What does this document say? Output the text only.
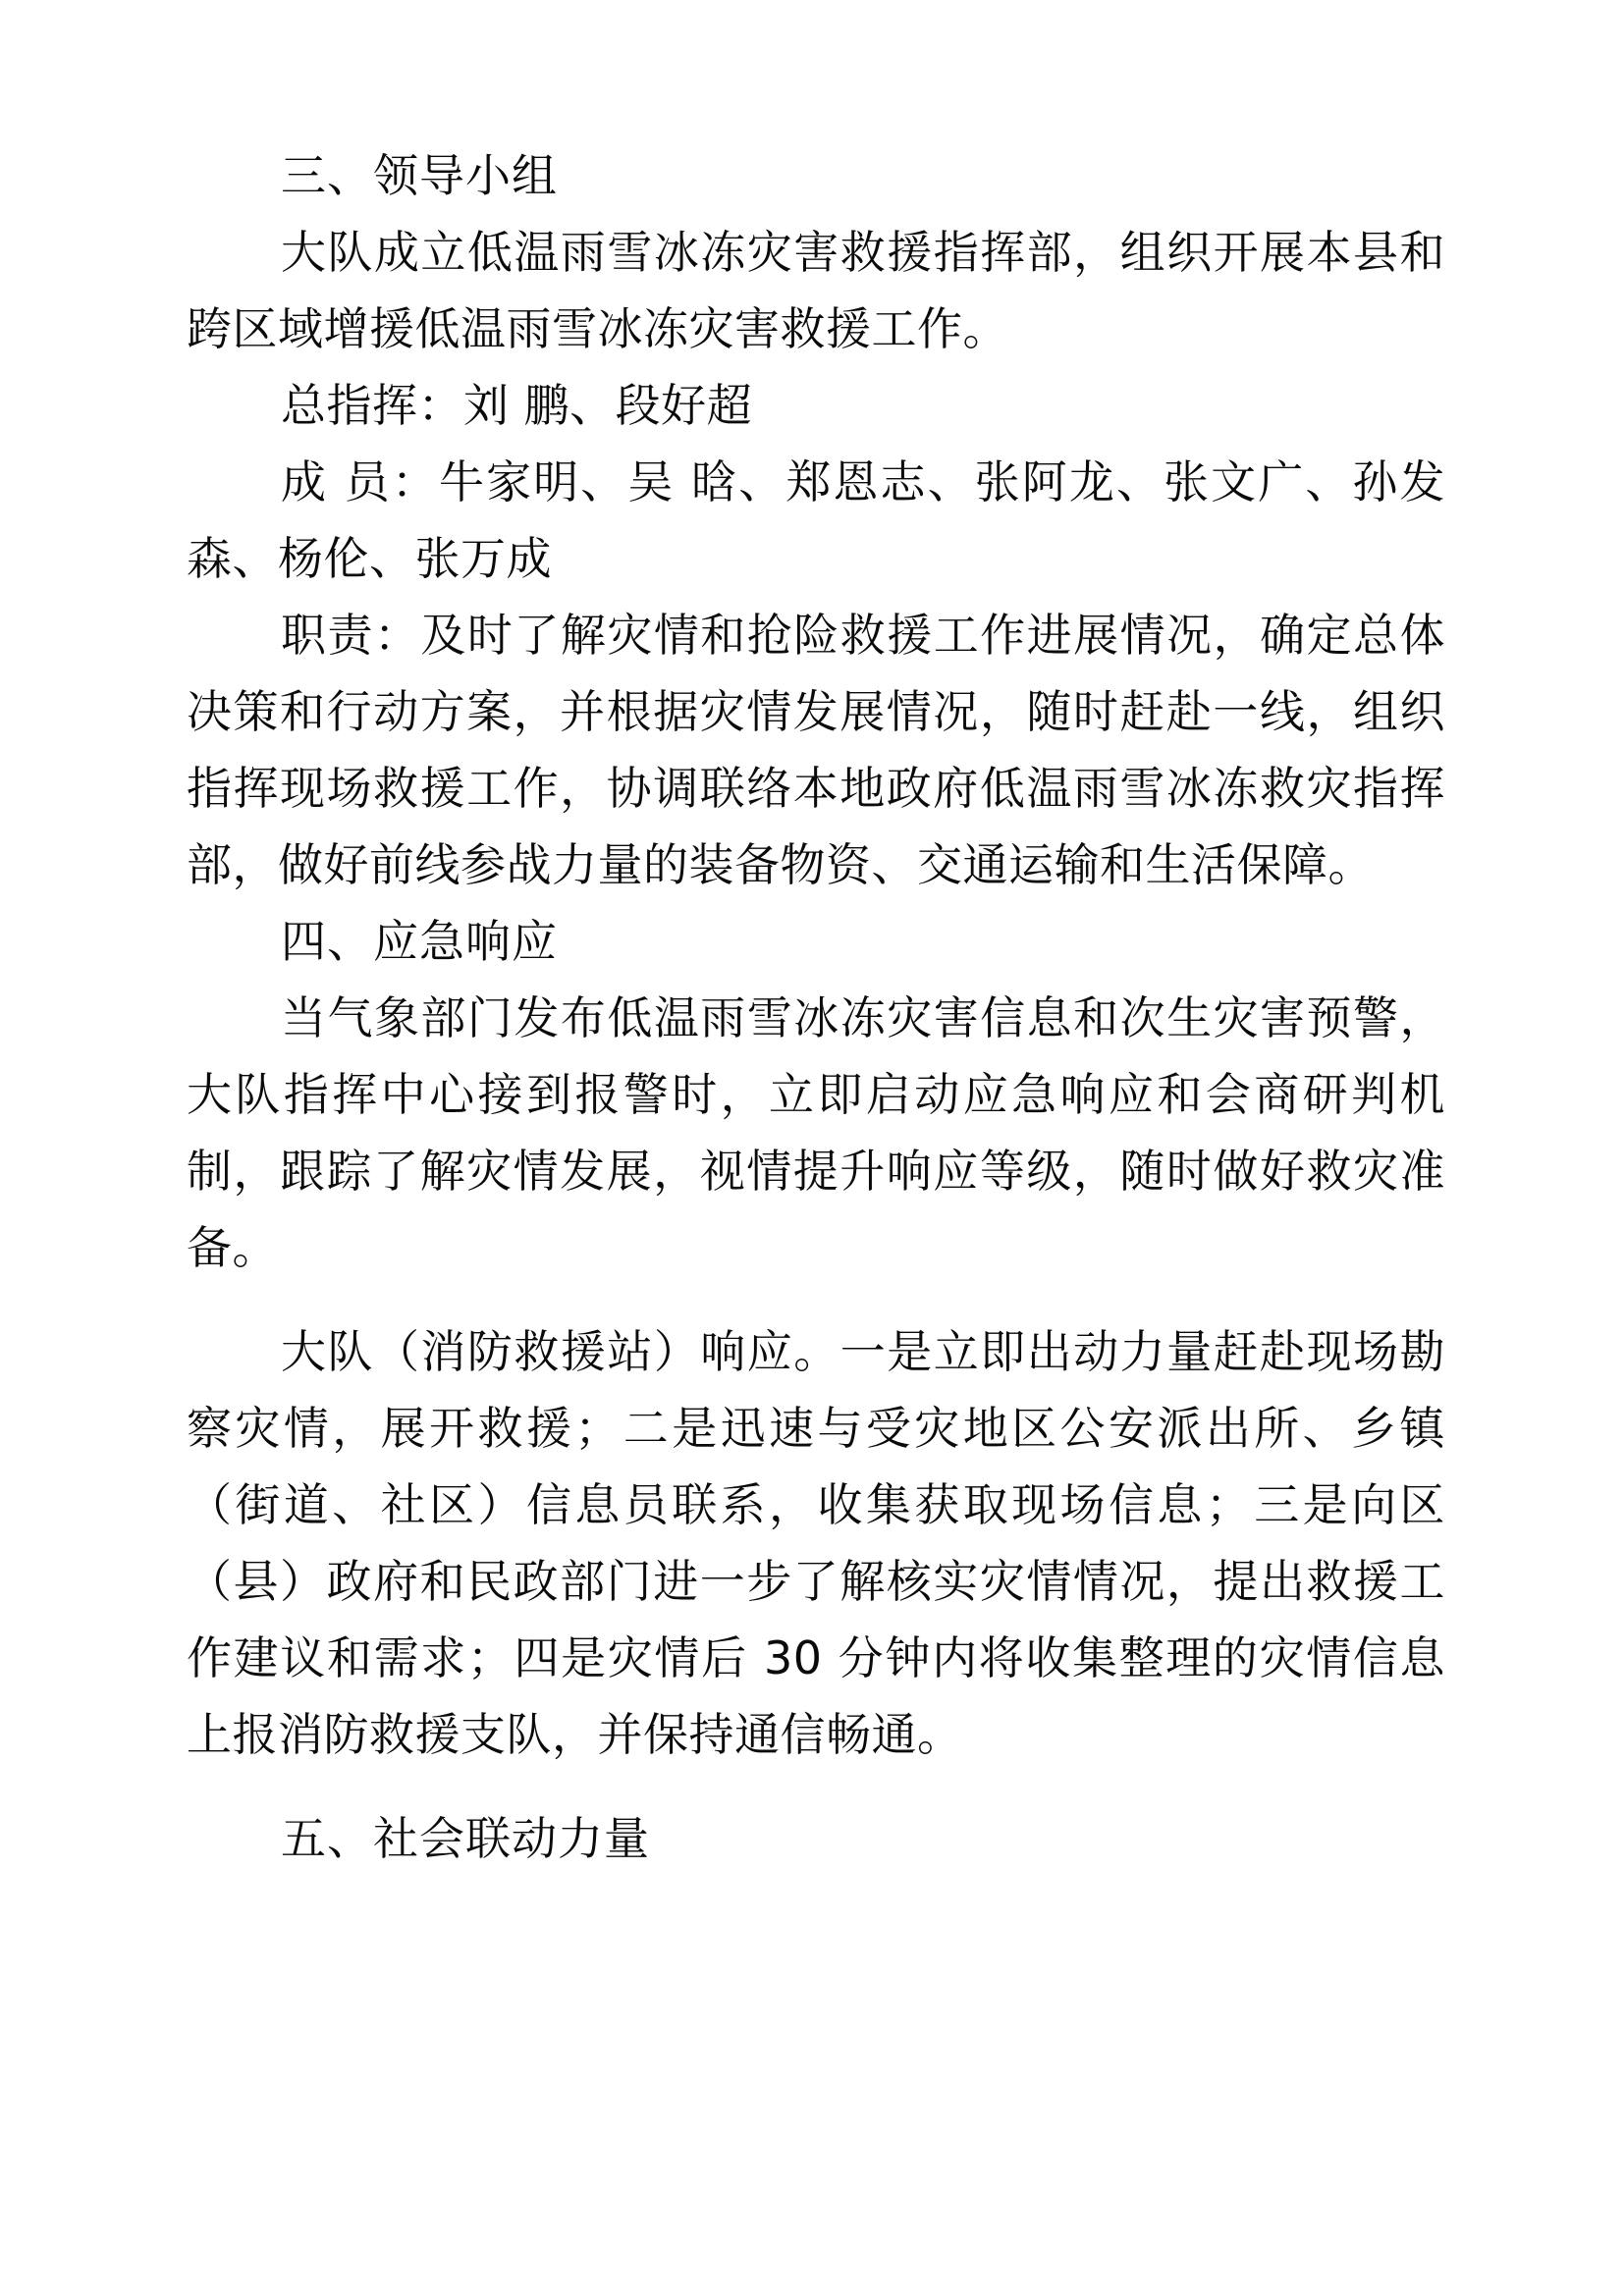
三、领导小组

大队成立低温雨雪冰冻灾害救援指挥部，组织开展本县和跨区域增援低温雨雪冰冻灾害救援工作。

总指挥：刘 鹏、段好超

成 员：牛家明、吴 晗、郑恩志、张阿龙、张文广、孙发森、杨伦、张万成

职责：及时了解灾情和抢险救援工作进展情况，确定总体决策和行动方案，并根据灾情发展情况，随时赶赴一线，组织指挥现场救援工作，协调联络本地政府低温雨雪冰冻救灾指挥部，做好前线参战力量的装备物资、交通运输和生活保障。

四、应急响应

当气象部门发布低温雨雪冰冻灾害信息和次生灾害预警，大队指挥中心接到报警时，立即启动应急响应和会商研判机制，跟踪了解灾情发展，视情提升响应等级，随时做好救灾准备。

大队（消防救援站）响应。一是立即出动力量赶赴现场勘察灾情，展开救援；二是迅速与受灾地区公安派出所、乡镇（街道、社区）信息员联系，收集获取现场信息；三是向区（县）政府和民政部门进一步了解核实灾情情况，提出救援工作建议和需求；四是灾情后 30 分钟内将收集整理的灾情信息上报消防救援支队，并保持通信畅通。

五、社会联动力量
